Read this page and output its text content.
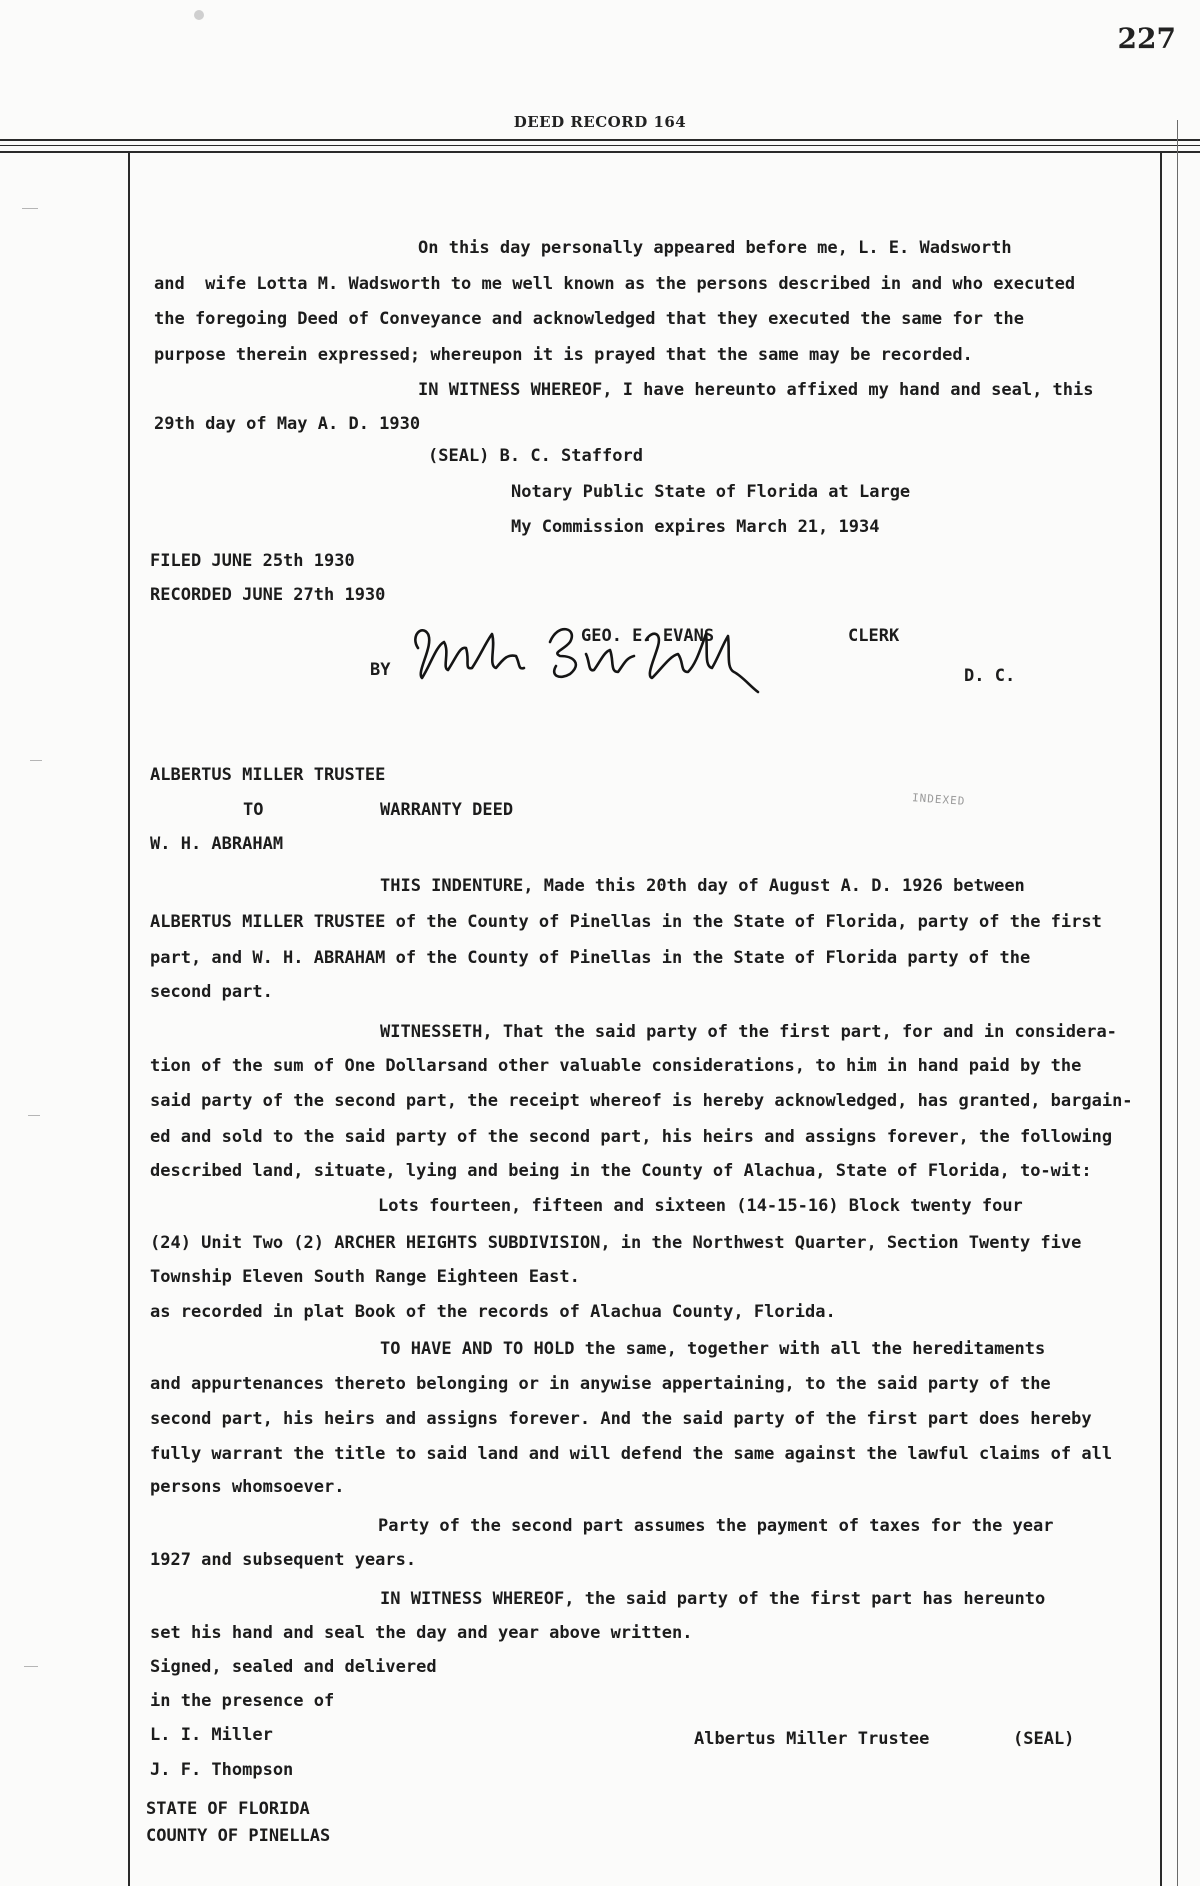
227
DEED RECORD 164
On this day personally appeared before me, L. E. Wadsworth
and  wife Lotta M. Wadsworth to me well known as the persons described in and who executed
the foregoing Deed of Conveyance and acknowledged that they executed the same for the
purpose therein expressed; whereupon it is prayed that the same may be recorded.
IN WITNESS WHEREOF, I have hereunto affixed my hand and seal, this
29th day of May A. D. 1930
(SEAL) B. C. Stafford
Notary Public State of Florida at Large
My Commission expires March 21, 1934
FILED JUNE 25th 1930
RECORDED JUNE 27th 1930
GEO. E. EVANS	CLERK
BY	D. C.
ALBERTUS MILLER TRUSTEE
TO	WARRANTY DEED
INDEXED
W. H. ABRAHAM
THIS INDENTURE, Made this 20th day of August A. D. 1926 between
ALBERTUS MILLER TRUSTEE of the County of Pinellas in the State of Florida, party of the first
part, and W. H. ABRAHAM of the County of Pinellas in the State of Florida party of the
second part.
WITNESSETH, That the said party of the first part, for and in considera-
tion of the sum of One Dollarsand other valuable considerations, to him in hand paid by the
said party of the second part, the receipt whereof is hereby acknowledged, has granted, bargain-
ed and sold to the said party of the second part, his heirs and assigns forever, the following
described land, situate, lying and being in the County of Alachua, State of Florida, to-wit:
Lots fourteen, fifteen and sixteen (14-15-16) Block twenty four
(24) Unit Two (2) ARCHER HEIGHTS SUBDIVISION, in the Northwest Quarter, Section Twenty five
Township Eleven South Range Eighteen East.
as recorded in plat Book of the records of Alachua County, Florida.
TO HAVE AND TO HOLD the same, together with all the hereditaments
and appurtenances thereto belonging or in anywise appertaining, to the said party of the
second part, his heirs and assigns forever. And the said party of the first part does hereby
fully warrant the title to said land and will defend the same against the lawful claims of all
persons whomsoever.
Party of the second part assumes the payment of taxes for the year
1927 and subsequent years.
IN WITNESS WHEREOF, the said party of the first part has hereunto
set his hand and seal the day and year above written.
Signed, sealed and delivered
in the presence of
L. I. Miller	Albertus Miller Trustee	(SEAL)
J. F. Thompson
STATE OF FLORIDA
COUNTY OF PINELLAS
